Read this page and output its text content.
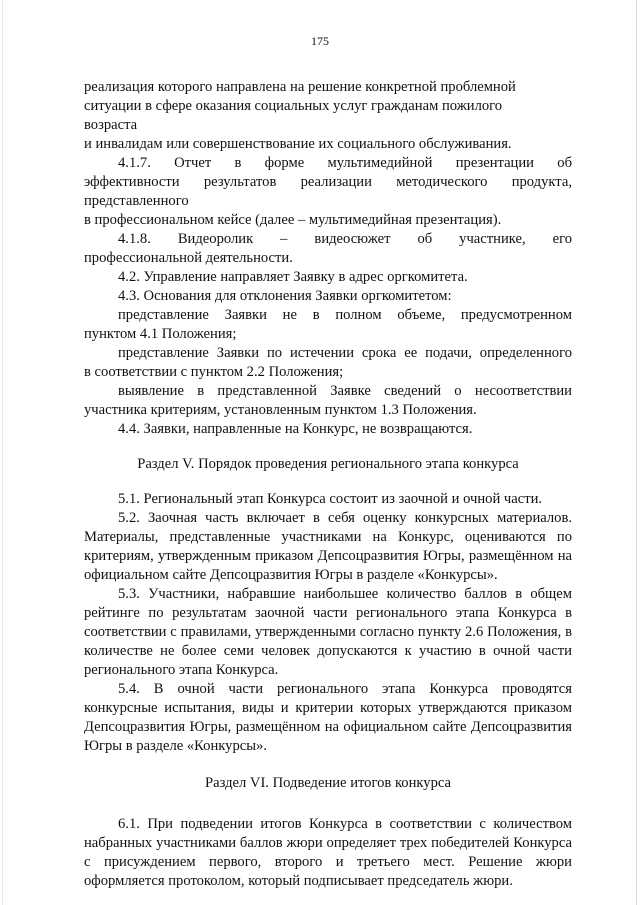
175

реализация которого направлена на решение конкретной проблемной

ситуации в сфере оказания социальных услуг гражданам пожилого

возраста

и инвалидам или совершенствование их социального обслуживания.

4.1.7. Отчет в форме мультимедийной презентации об

эффективности результатов реализации методического продукта,

представленного

в профессиональном кейсе (далее – мультимедийная презентация).

4.1.8. Видеоролик – видеосюжет об участнике, его

профессиональной деятельности.

4.2. Управление направляет Заявку в адрес оргкомитета.

4.3. Основания для отклонения Заявки оргкомитетом:

представление Заявки не в полном объеме, предусмотренном

пунктом 4.1 Положения;

представление Заявки по истечении срока ее подачи, определенного

в соответствии с пунктом 2.2 Положения;

выявление в представленной Заявке сведений о несоответствии

участника критериям, установленным пунктом 1.3 Положения.

4.4. Заявки, направленные на Конкурс, не возвращаются.

Раздел V. Порядок проведения регионального этапа конкурса

5.1. Региональный этап Конкурса состоит из заочной и очной части.

5.2. Заочная часть включает в себя оценку конкурсных материалов. Материалы, представленные участниками на Конкурс, оцениваются по критериям, утвержденным приказом Депсоцразвития Югры, размещённом на официальном сайте Депсоцразвития Югры в разделе «Конкурсы».

5.3. Участники, набравшие наибольшее количество баллов в общем рейтинге по результатам заочной части регионального этапа Конкурса в соответствии с правилами, утвержденными согласно пункту 2.6 Положения, в количестве не более семи человек допускаются к участию в очной части регионального этапа Конкурса.

5.4. В очной части регионального этапа Конкурса проводятся конкурсные испытания, виды и критерии которых утверждаются приказом Депсоцразвития Югры, размещённом на официальном сайте Депсоцразвития Югры в разделе «Конкурсы».

Раздел VI. Подведение итогов конкурса

6.1. При подведении итогов Конкурса в соответствии с количеством набранных участниками баллов жюри определяет трех победителей Конкурса с присуждением первого, второго и третьего мест. Решение жюри оформляется протоколом, который подписывает председатель жюри.
